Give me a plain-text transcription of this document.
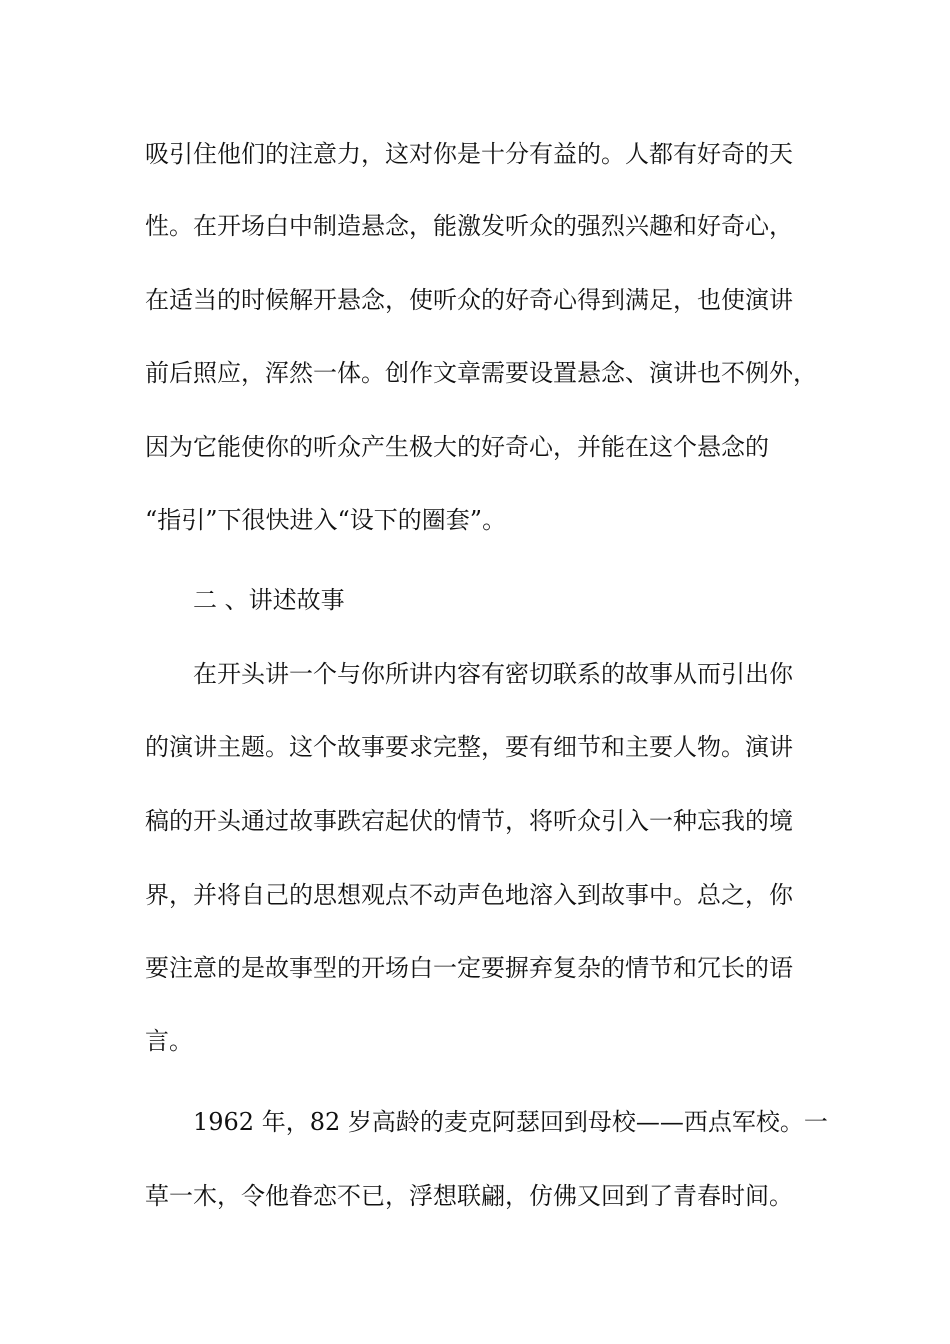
吸引住他们的注意力，这对你是十分有益的。人都有好奇的天
性。在开场白中制造悬念，能激发听众的强烈兴趣和好奇心，
在适当的时候解开悬念，使听众的好奇心得到满足，也使演讲
前后照应，浑然一体。创作文章需要设置悬念、演讲也不例外，
因为它能使你的听众产生极大的好奇心，并能在这个悬念的
“指引”下很快进入“设下的圈套”。
二 、讲述故事
在开头讲一个与你所讲内容有密切联系的故事从而引出你
的演讲主题。这个故事要求完整，要有细节和主要人物。演讲
稿的开头通过故事跌宕起伏的情节，将听众引入一种忘我的境
界，并将自己的思想观点不动声色地溶入到故事中。总之，你
要注意的是故事型的开场白一定要摒弃复杂的情节和冗长的语
言。
1962 年，82 岁高龄的麦克阿瑟回到母校——西点军校。一
草一木，令他眷恋不已，浮想联翩，仿佛又回到了青春时间。
